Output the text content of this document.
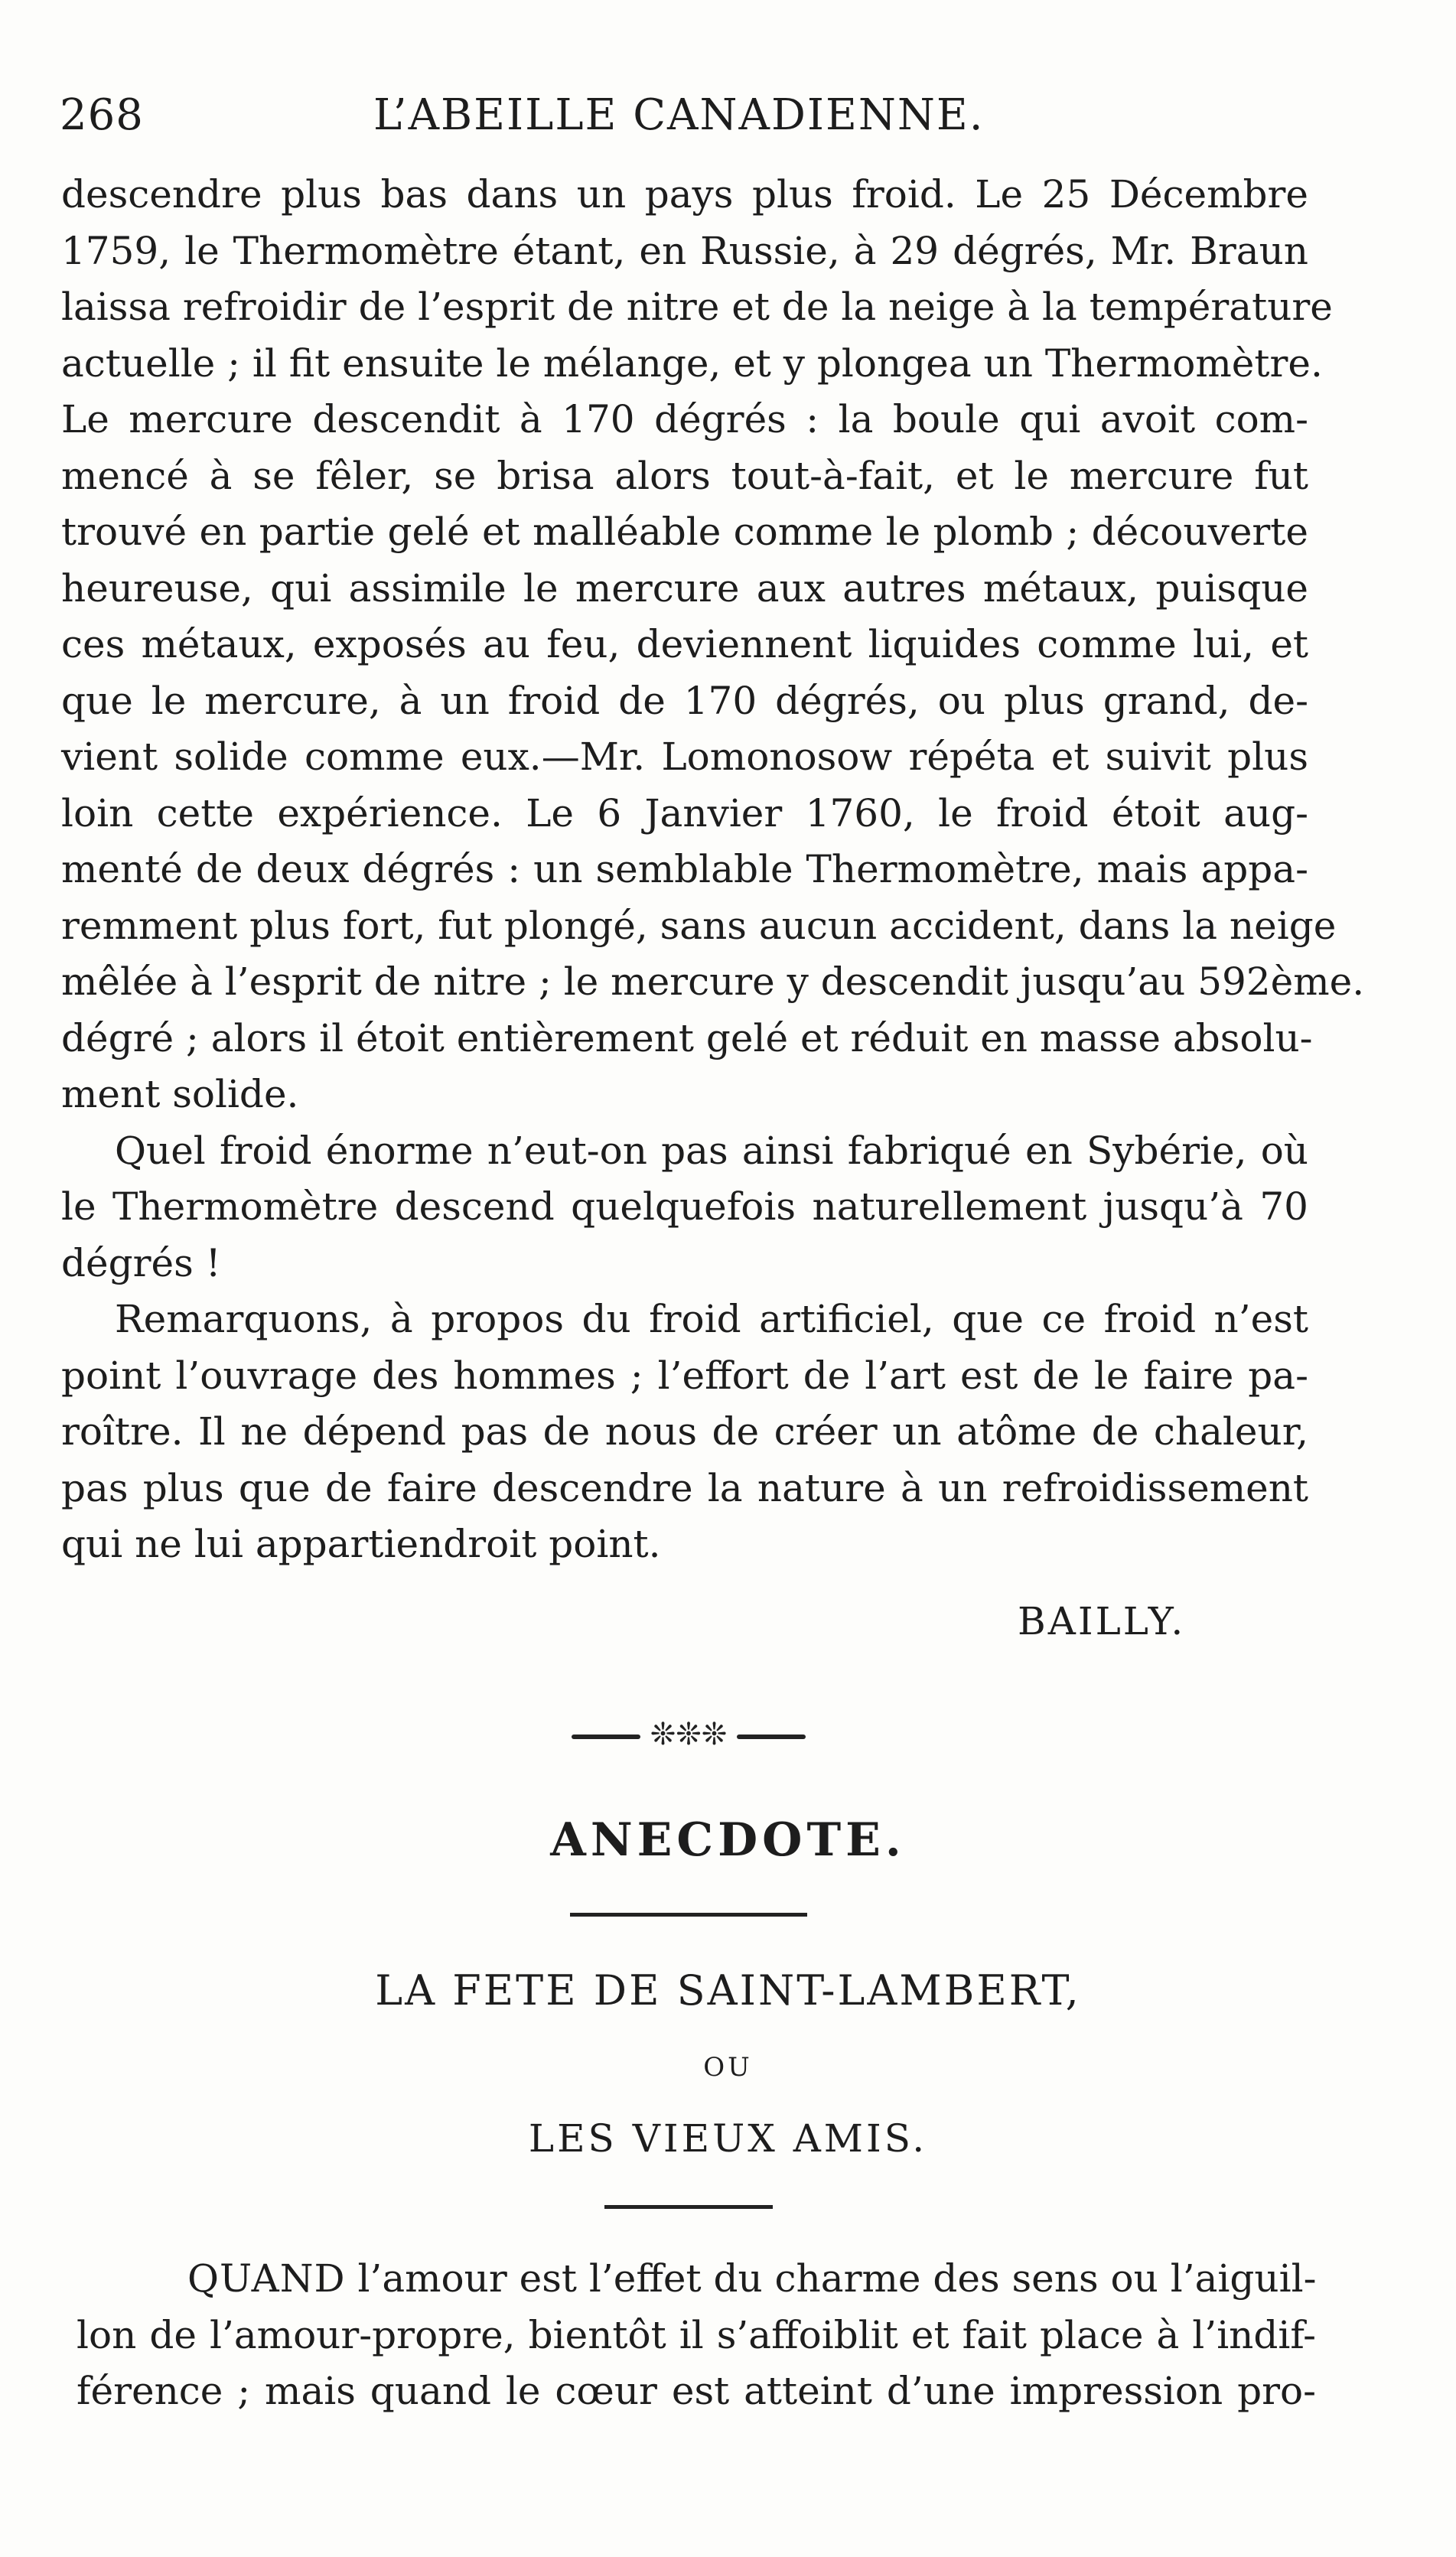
268	L’ABEILLE CANADIENNE.

descendre plus bas dans un pays plus froid. Le 25 Décembre
1759, le Thermomètre étant, en Russie, à 29 dégrés, Mr. Braun
laissa refroidir de l’esprit de nitre et de la neige à la température
actuelle ; il fit ensuite le mélange, et y plongea un Thermomètre.
Le mercure descendit à 170 dégrés : la boule qui avoit com-
mencé à se fêler, se brisa alors tout-à-fait, et le mercure fut
trouvé en partie gelé et malléable comme le plomb ; découverte
heureuse, qui assimile le mercure aux autres métaux, puisque
ces métaux, exposés au feu, deviennent liquides comme lui, et
que le mercure, à un froid de 170 dégrés, ou plus grand, de-
vient solide comme eux.—Mr. Lomonosow répéta et suivit plus
loin cette expérience. Le 6 Janvier 1760, le froid étoit aug-
menté de deux dégrés : un semblable Thermomètre, mais appa-
remment plus fort, fut plongé, sans aucun accident, dans la neige
mêlée à l’esprit de nitre ; le mercure y descendit jusqu’au 592ème.
dégré ; alors il étoit entièrement gelé et réduit en masse absolu-
ment solide.

Quel froid énorme n’eut-on pas ainsi fabriqué en Sybérie, où
le Thermomètre descend quelquefois naturellement jusqu’à 70
dégrés !

Remarquons, à propos du froid artificiel, que ce froid n’est
point l’ouvrage des hommes ; l’effort de l’art est de le faire pa-
roître. Il ne dépend pas de nous de créer un atôme de chaleur,
pas plus que de faire descendre la nature à un refroidissement
qui ne lui appartiendroit point.

BAILLY.
❊❊❊
ANECDOTE.
LA FETE DE SAINT-LAMBERT,
OU
LES VIEUX AMIS.
QUAND l’amour est l’effet du charme des sens ou l’aiguil-
lon de l’amour-propre, bientôt il s’affoiblit et fait place à l’indif-
férence ; mais quand le cœur est atteint d’une impression pro-
